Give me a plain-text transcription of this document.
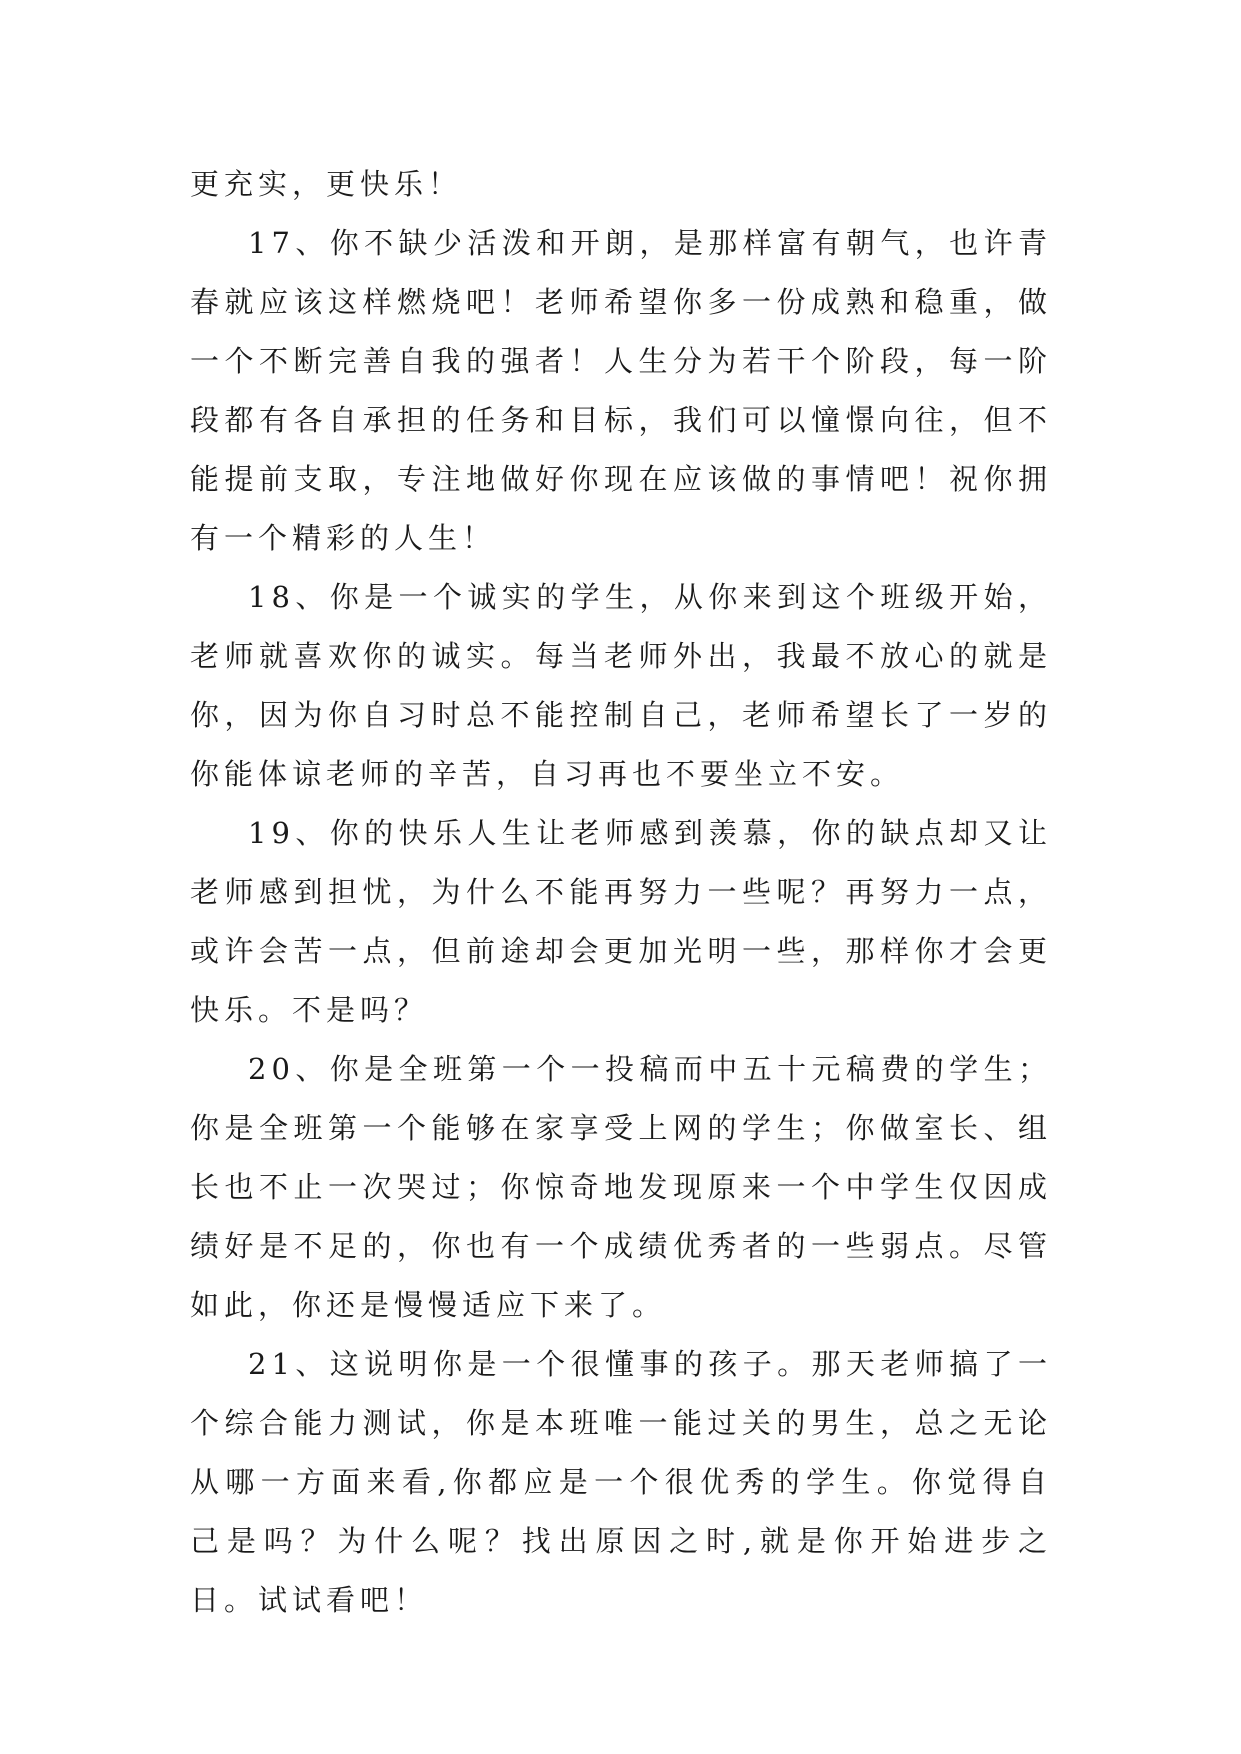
更充实，更快乐！

17、你不缺少活泼和开朗，是那样富有朝气，也许青春就应该这样燃烧吧！老师希望你多一份成熟和稳重，做一个不断完善自我的强者！人生分为若干个阶段，每一阶段都有各自承担的任务和目标，我们可以憧憬向往，但不能提前支取，专注地做好你现在应该做的事情吧！祝你拥有一个精彩的人生！

18、你是一个诚实的学生，从你来到这个班级开始，老师就喜欢你的诚实。每当老师外出，我最不放心的就是你，因为你自习时总不能控制自己，老师希望长了一岁的你能体谅老师的辛苦，自习再也不要坐立不安。

19、你的快乐人生让老师感到羡慕，你的缺点却又让老师感到担忧，为什么不能再努力一些呢？再努力一点，或许会苦一点，但前途却会更加光明一些，那样你才会更快乐。不是吗？

20、你是全班第一个一投稿而中五十元稿费的学生；你是全班第一个能够在家享受上网的学生；你做室长、组长也不止一次哭过；你惊奇地发现原来一个中学生仅因成绩好是不足的，你也有一个成绩优秀者的一些弱点。尽管如此，你还是慢慢适应下来了。

21、这说明你是一个很懂事的孩子。那天老师搞了一个综合能力测试，你是本班唯一能过关的男生，总之无论从哪一方面来看,你都应是一个很优秀的学生。你觉得自己是吗？为什么呢？找出原因之时,就是你开始进步之日。试试看吧！
